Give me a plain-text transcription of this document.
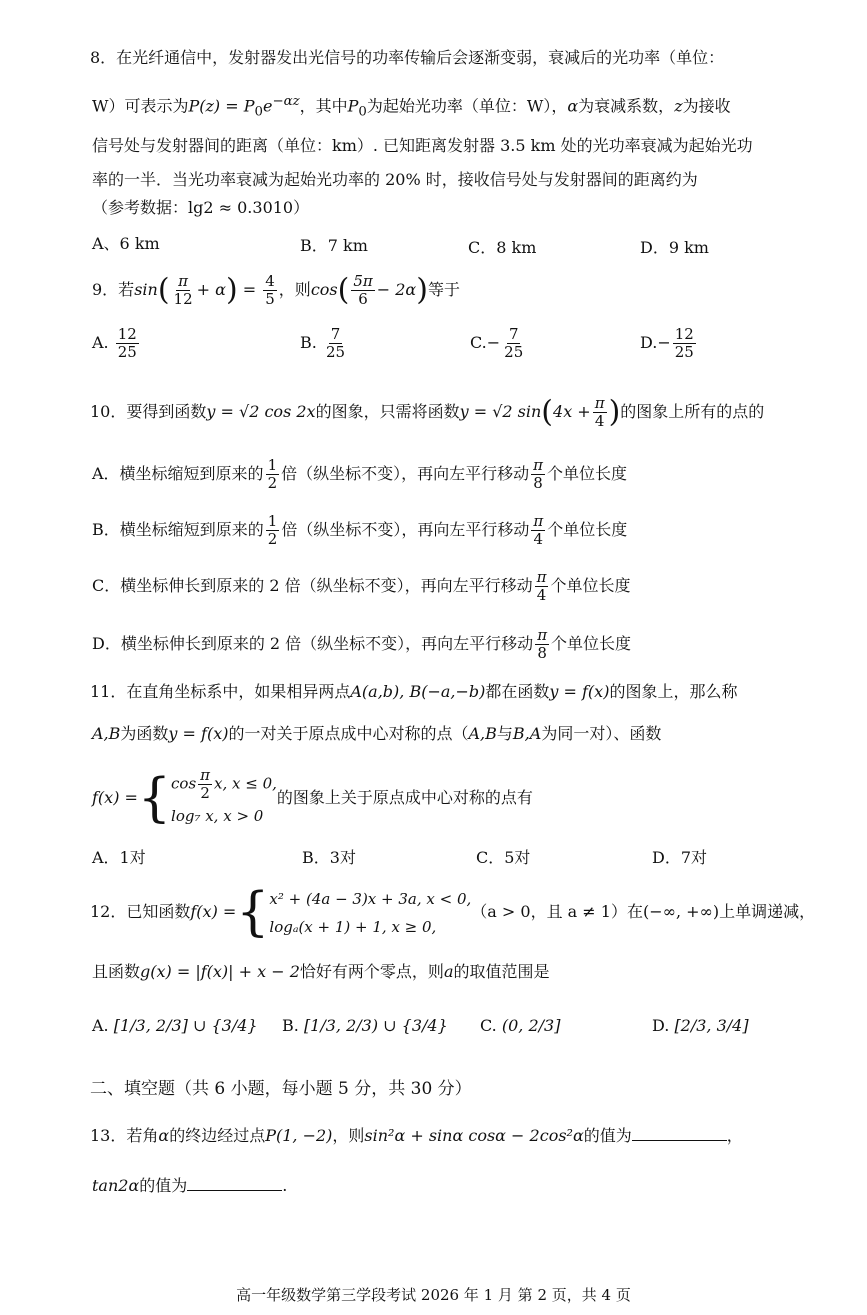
8．在光纤通信中，发射器发出光信号的功率传输后会逐渐变弱，衰减后的光功率（单位：
W）可表示为$P(z) = P_0e^{-\alpha z}$，其中$P_0$为起始光功率（单位：W），α为衰减系数，z为接收
信号处与发射器间的距离（单位：km）. 已知距离发射器 3.5 km 处的光功率衰减为起始光功
率的一半．当光功率衰减为起始光功率的 20% 时，接收信号处与发射器间的距离约为
（参考数据：lg2 ≈ 0.3010）
A、6 km	B．7 km	C．8 km	D．9 km
9．若$\sin( \frac{\pi}{12} + \alpha) = \frac{4}{5}$ ，则$\cos( \frac{5\pi}{6} - 2\alpha)$等于
A. $\frac{12}{25}$	B. $\frac{7}{25}$	$C.- \frac{7}{25}$	$D.- \frac{12}{25}$
10．要得到函数y = √2 cos 2x的图象，只需将函数y = √2 $\sin(4x + \frac{\pi}{4}$ )的图象上所有的点的
A．横坐标缩短到原来的 $\frac{1}{2}$ 倍（纵坐标不变），再向左平行移动 $\frac{\pi}{8}$ 个单位长度
B．横坐标缩短到原来的 $\frac{1}{2}$ 倍（纵坐标不变），再向左平行移动 $\frac{\pi}{4}$ 个单位长度
C．横坐标伸长到原来的 2 倍（纵坐标不变），再向左平行移动 $\frac{\pi}{4}$ 个单位长度
D．横坐标伸长到原来的 2 倍（纵坐标不变），再向左平行移动 $\frac{\pi}{8}$ 个单位长度
11．在直角坐标系中，如果相异两点A(a,b), B(−a,−b)都在函数y = f(x)的图象上，那么称
A,B为函数y = f(x)的一对关于原点成中心对称的点（A,B与B,A为同一对）、函数
f(x) ={ $\cos \frac{\pi}{2} x$, x ≤ 0,
log₇ x, x > 0
的图象上关于原点成中心对称的点有
A．1对	B．3对	C．5对	D．7对
12．已知函数f(x) ={ x² + (4a − 3)x + 3a, x < 0,
logₐ(x + 1) + 1, x ≥ 0,
（a > 0，且 a ≠ 1）在(−∞, +∞)上单调递减，
且函数g(x) = |f(x)| + x − 2恰好有两个零点，则a的取值范围是
A. [1/3, 2/3] ∪ {3/4} B. [1/3, 2/3) ∪ {3/4} C. (0, 2/3]	D. [2/3, 3/4]
二、填空题（共 6 小题，每小题 5 分，共 30 分）
13．若角α的终边经过点P(1, −2)，则sin²α + sinα cosα − 2cos²α的值为	，
tan2α的值为	.
高一年级数学第三学段考试 2026 年 1 月 第 2 页，共 4 页
